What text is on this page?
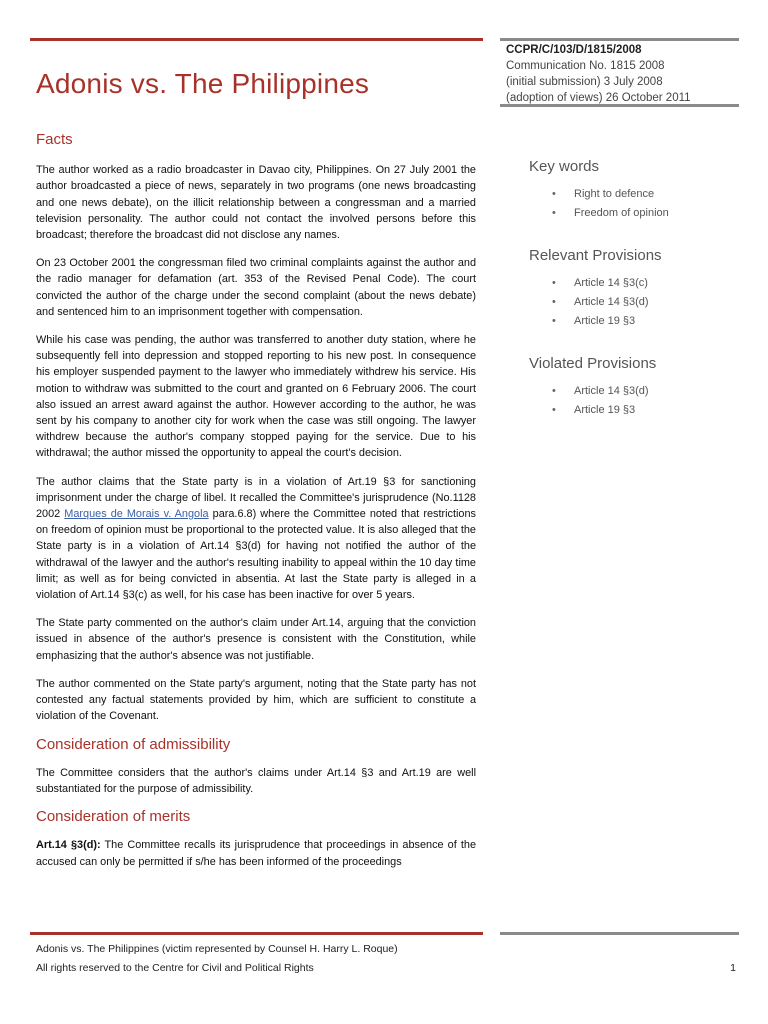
Adonis vs. The Philippines
CCPR/C/103/D/1815/2008
Communication No. 1815 2008
(initial submission) 3 July 2008
(adoption of views) 26 October 2011
Facts

The author worked as a radio broadcaster in Davao city, Philippines. On 27 July 2001 the author broadcasted a piece of news, separately in two programs (one news broadcasting and one news debate), on the illicit relationship between a congressman and a married television personality. The author could not contact the involved persons before this broadcast; therefore the broadcast did not disclose any names.

On 23 October 2001 the congressman filed two criminal complaints against the author and the radio manager for defamation (art. 353 of the Revised Penal Code). The court convicted the author of the charge under the second complaint (about the news debate) and sentenced him to an imprisonment together with compensation.

While his case was pending, the author was transferred to another duty station, where he subsequently fell into depression and stopped reporting to his new post. In consequence his employer suspended payment to the lawyer who immediately withdrew his service. His motion to withdraw was submitted to the court and granted on 6 February 2006. The court also issued an arrest award against the author. However according to the author, he was sent by his company to another city for work when the case was still ongoing. The lawyer withdrew because the author's company stopped paying for the service. Due to his withdrawal; the author missed the opportunity to appeal the court's decision.

The author claims that the State party is in a violation of Art.19 §3 for sanctioning imprisonment under the charge of libel. It recalled the Committee's jurisprudence (No.1128 2002 Marques de Morais v. Angola para.6.8) where the Committee noted that restrictions on freedom of opinion must be proportional to the protected value. It is also alleged that the State party is in a violation of Art.14 §3(d) for having not notified the author of the withdrawal of the lawyer and the author's resulting inability to appeal within the 10 day time limit; as well as for being convicted in absentia. At last the State party is alleged in a violation of Art.14 §3(c) as well, for his case has been inactive for over 5 years.

The State party commented on the author's claim under Art.14, arguing that the conviction issued in absence of the author's presence is consistent with the Constitution, while emphasizing that the author's absence was not justifiable.

The author commented on the State party's argument, noting that the State party has not contested any factual statements provided by him, which are sufficient to constitute a violation of the Covenant.

Consideration of admissibility

The Committee considers that the author's claims under Art.14 §3 and Art.19 are well substantiated for the purpose of admissibility.

Consideration of merits

Art.14 §3(d): The Committee recalls its jurisprudence that proceedings in absence of the accused can only be permitted if s/he has been informed of the proceedings

Key words
• Right to defence
• Freedom of opinion
Relevant Provisions
• Article 14 §3(c)
• Article 14 §3(d)
• Article 19 §3
Violated Provisions
• Article 14 §3(d)
• Article 19 §3
Adonis vs. The Philippines (victim represented by Counsel H. Harry L. Roque)
All rights reserved to the Centre for Civil and Political Rights	1
